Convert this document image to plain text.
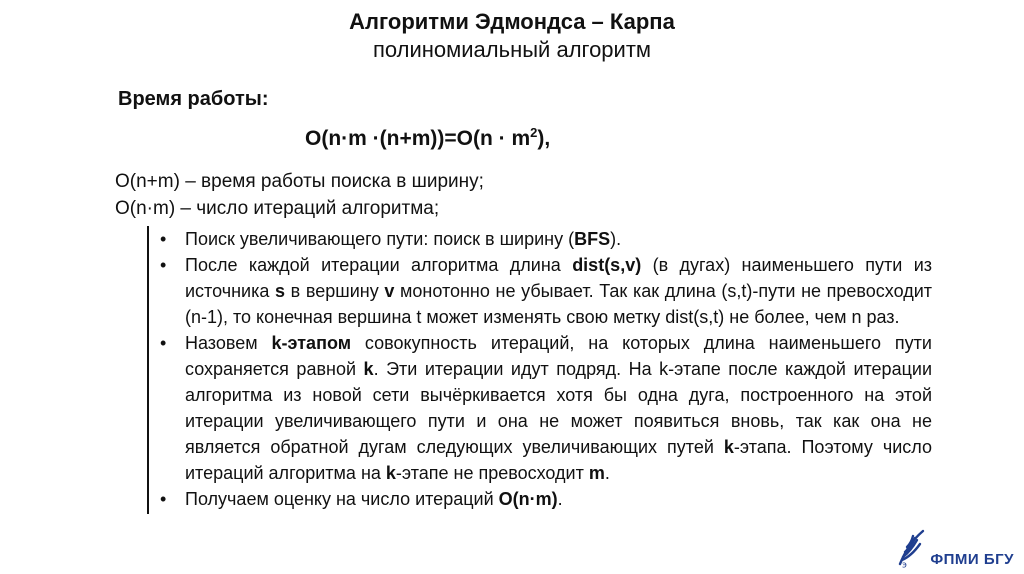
Алгоритми Эдмондса – Карпа
полиномиальный алгоритм
Время работы:
$O(n\cdot m \cdot(n+m))=O(n \cdot m^2)$,
O(n+m) – время работы поиска в ширину;
O(n·m) – число итераций алгоритма;
• Поиск увеличивающего пути: поиск в ширину (BFS).
• После каждой итерации алгоритма длина dist(s,v) (в дугах) наименьшего пути из источника s в вершину v монотонно не убывает. Так как длина (s,t)-пути не превосходит (n-1), то конечная вершина t может изменять свою метку dist(s,t) не более, чем n раз.
• Назовем k-этапом совокупность итераций, на которых длина наименьшего пути сохраняется равной k. Эти итерации идут подряд. На k-этапе после каждой итерации алгоритма из новой сети вычёркивается хотя бы одна дуга, построенного на этой итерации увеличивающего пути и она не может появиться вновь, так как она не является обратной дугам следующих увеличивающих путей k-этапа. Поэтому число итераций алгоритма на k-этапе не превосходит m.
• Получаем оценку на число итераций O(n·m).
э ФПМИ БГУ
